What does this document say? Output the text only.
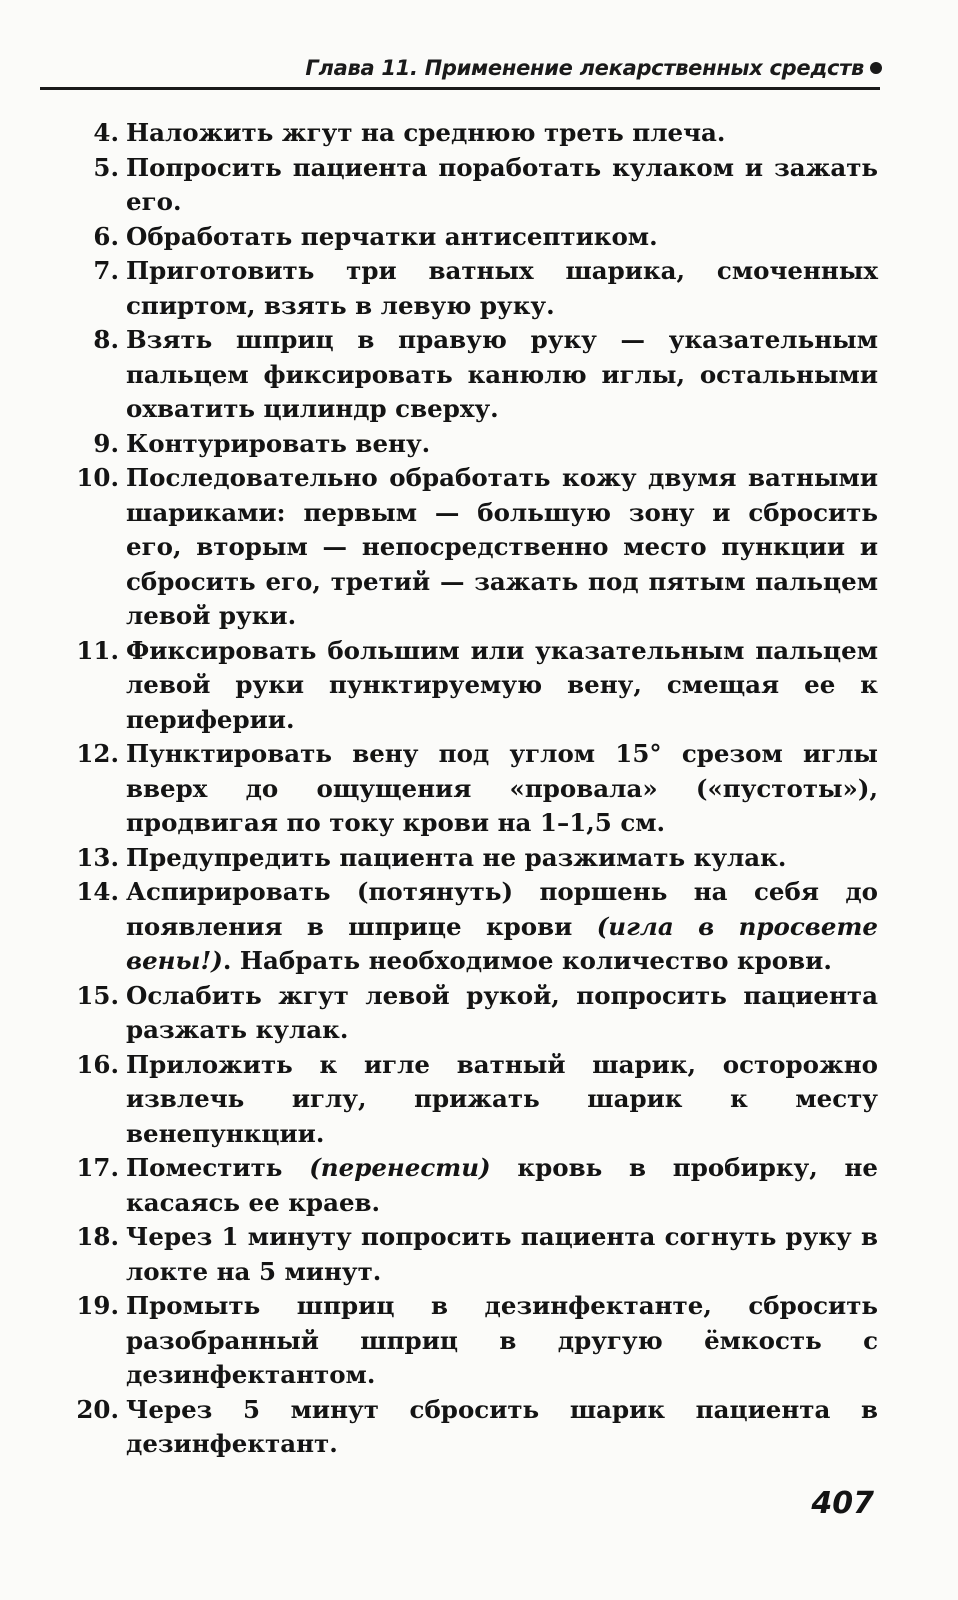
Глава 11. Применение лекарственных средств
4. Наложить жгут на среднюю треть плеча.
5. Попросить пациента поработать кулаком и зажать его.
6. Обработать перчатки антисептиком.
7. Приготовить три ватных шарика, смоченных спиртом, взять в левую руку.
8. Взять шприц в правую руку — указательным пальцем фиксировать канюлю иглы, остальными охватить цилиндр сверху.
9. Контурировать вену.
10. Последовательно обработать кожу двумя ватными шариками: первым — большую зону и сбросить его, вторым — непосредственно место пункции и сбросить его, третий — зажать под пятым пальцем левой руки.
11. Фиксировать большим или указательным пальцем левой руки пунктируемую вену, смещая ее к периферии.
12. Пунктировать вену под углом 15° срезом иглы вверх до ощущения «провала» («пустоты»), продвигая по току крови на 1–1,5 см.
13. Предупредить пациента не разжимать кулак.
14. Аспирировать (потянуть) поршень на себя до появления в шприце крови (игла в просвете вены!). Набрать необходимое количество крови.
15. Ослабить жгут левой рукой, попросить пациента разжать кулак.
16. Приложить к игле ватный шарик, осторожно извлечь иглу, прижать шарик к месту венепункции.
17. Поместить (перенести) кровь в пробирку, не касаясь ее краев.
18. Через 1 минуту попросить пациента согнуть руку в локте на 5 минут.
19. Промыть шприц в дезинфектанте, сбросить разобранный шприц в другую ёмкость с дезинфектантом.
20. Через 5 минут сбросить шарик пациента в дезинфектант.
407
